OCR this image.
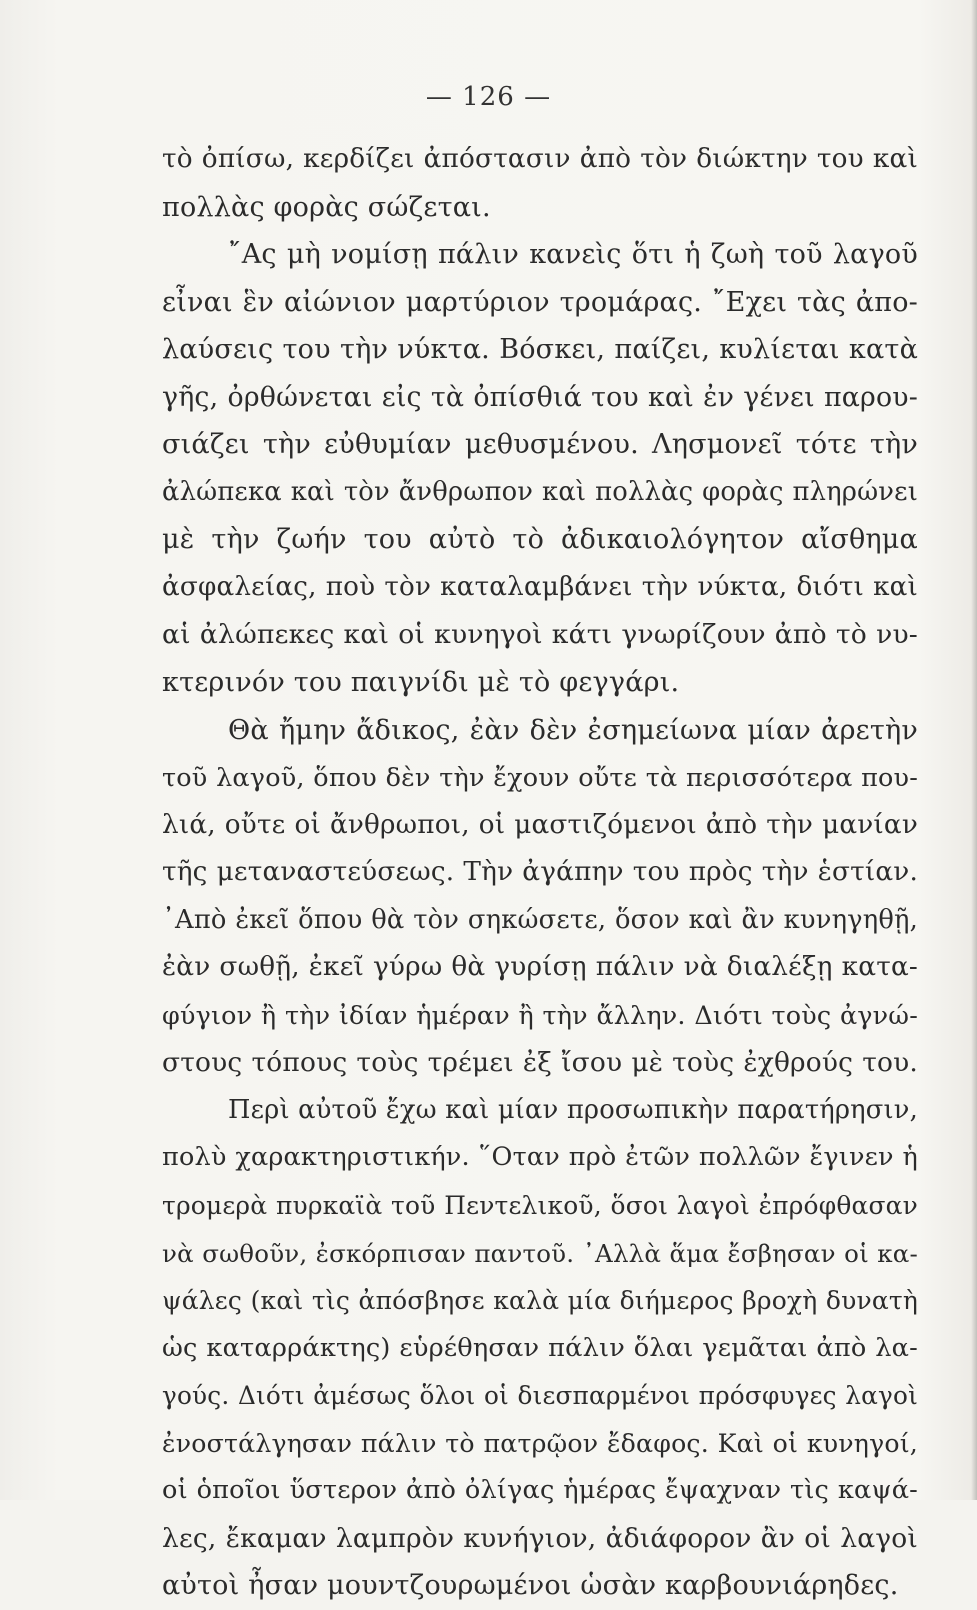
— 126 —
τὸ ὀπίσω, κερδίζει ἀπόστασιν ἀπὸ τὸν διώκτην του καὶ
πολλὰς φορὰς σώζεται.
῎Ας μὴ νομίσῃ πάλιν κανεὶς ὅτι ἡ ζωὴ τοῦ λαγοῦ
εἶναι ἓν αἰώνιον μαρτύριον τρομάρας. ῎Εχει τὰς ἀπο-
λαύσεις του τὴν νύκτα. Βόσκει, παίζει, κυλίεται κατὰ
γῆς, ὀρθώνεται εἰς τὰ ὀπίσθιά του καὶ ἐν γένει παρου-
σιάζει τὴν εὐθυμίαν μεθυσμένου. Λησμονεῖ τότε τὴν
ἀλώπεκα καὶ τὸν ἄνθρωπον καὶ πολλὰς φορὰς πληρώνει
μὲ τὴν ζωήν του αὐτὸ τὸ ἀδικαιολόγητον αἴσθημα
ἀσφαλείας, ποὺ τὸν καταλαμβάνει τὴν νύκτα, διότι καὶ
αἱ ἀλώπεκες καὶ οἱ κυνηγοὶ κάτι γνωρίζουν ἀπὸ τὸ νυ-
κτερινόν του παιγνίδι μὲ τὸ φεγγάρι.
Θὰ ἤμην ἄδικος, ἐὰν δὲν ἐσημείωνα μίαν ἀρετὴν
τοῦ λαγοῦ, ὅπου δὲν τὴν ἔχουν οὔτε τὰ περισσότερα που-
λιά, οὔτε οἱ ἄνθρωποι, οἱ μαστιζόμενοι ἀπὸ τὴν μανίαν
τῆς μεταναστεύσεως. Τὴν ἀγάπην του πρὸς τὴν ἑστίαν.
᾿Απὸ ἐκεῖ ὅπου θὰ τὸν σηκώσετε, ὅσον καὶ ἂν κυνηγηθῇ,
ἐὰν σωθῇ, ἐκεῖ γύρω θὰ γυρίσῃ πάλιν νὰ διαλέξῃ κατα-
φύγιον ἢ τὴν ἰδίαν ἡμέραν ἢ τὴν ἄλλην. Διότι τοὺς ἀγνώ-
στους τόπους τοὺς τρέμει ἐξ ἴσου μὲ τοὺς ἐχθρούς του.
Περὶ αὐτοῦ ἔχω καὶ μίαν προσωπικὴν παρατήρησιν,
πολὺ χαρακτηριστικήν. ῞Οταν πρὸ ἐτῶν πολλῶν ἔγινεν ἡ
τρομερὰ πυρκαϊὰ τοῦ Πεντελικοῦ, ὅσοι λαγοὶ ἐπρόφθασαν
νὰ σωθοῦν, ἐσκόρπισαν παντοῦ. ᾿Αλλὰ ἅμα ἔσβησαν οἱ κα-
ψάλες (καὶ τὶς ἀπόσβησε καλὰ μία διήμερος βροχὴ δυνατὴ
ὡς καταρράκτης) εὑρέθησαν πάλιν ὅλαι γεμᾶται ἀπὸ λα-
γούς. Διότι ἀμέσως ὅλοι οἱ διεσπαρμένοι πρόσφυγες λαγοὶ
ἐνοστάλγησαν πάλιν τὸ πατρῷον ἔδαφος. Καὶ οἱ κυνηγοί,
οἱ ὁποῖοι ὕστερον ἀπὸ ὀλίγας ἡμέρας ἔψαχναν τὶς καψά-
λες, ἔκαμαν λαμπρὸν κυνήγιον, ἀδιάφορον ἂν οἱ λαγοὶ
αὐτοὶ ἦσαν μουντζουρωμένοι ὡσὰν καρβουνιάρηδες.
